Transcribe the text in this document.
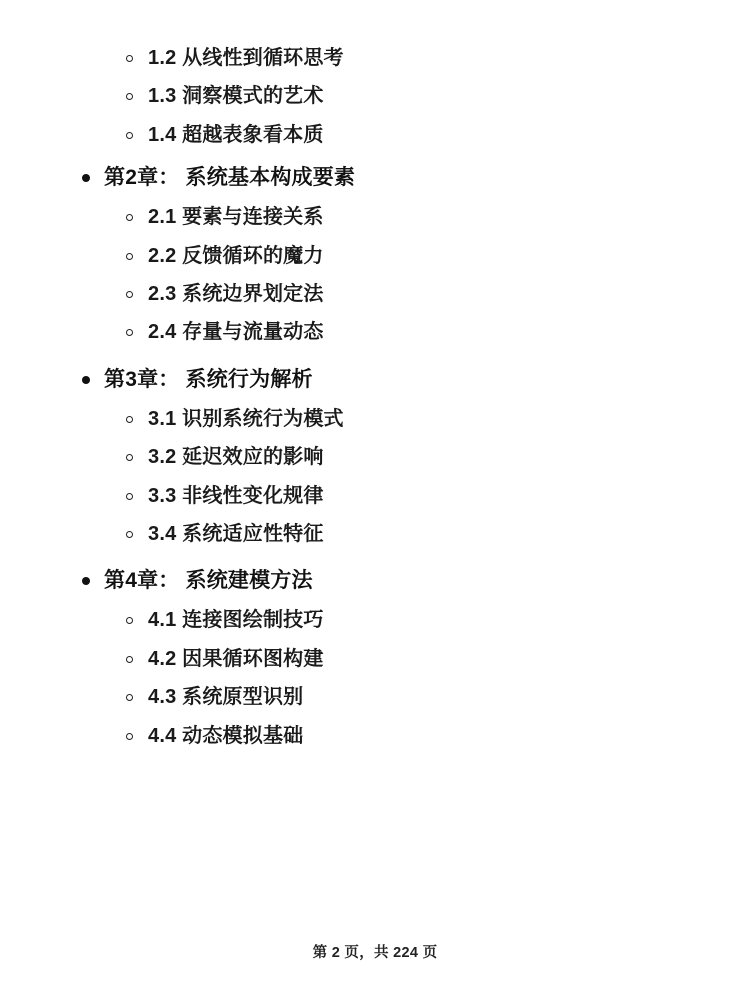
1.2 从线性到循环思考
1.3 洞察模式的艺术
1.4 超越表象看本质
第2章： 系统基本构成要素
2.1 要素与连接关系
2.2 反馈循环的魔力
2.3 系统边界划定法
2.4 存量与流量动态
第3章： 系统行为解析
3.1 识别系统行为模式
3.2 延迟效应的影响
3.3 非线性变化规律
3.4 系统适应性特征
第4章： 系统建模方法
4.1 连接图绘制技巧
4.2 因果循环图构建
4.3 系统原型识别
4.4 动态模拟基础
第 2 页，共 224 页
